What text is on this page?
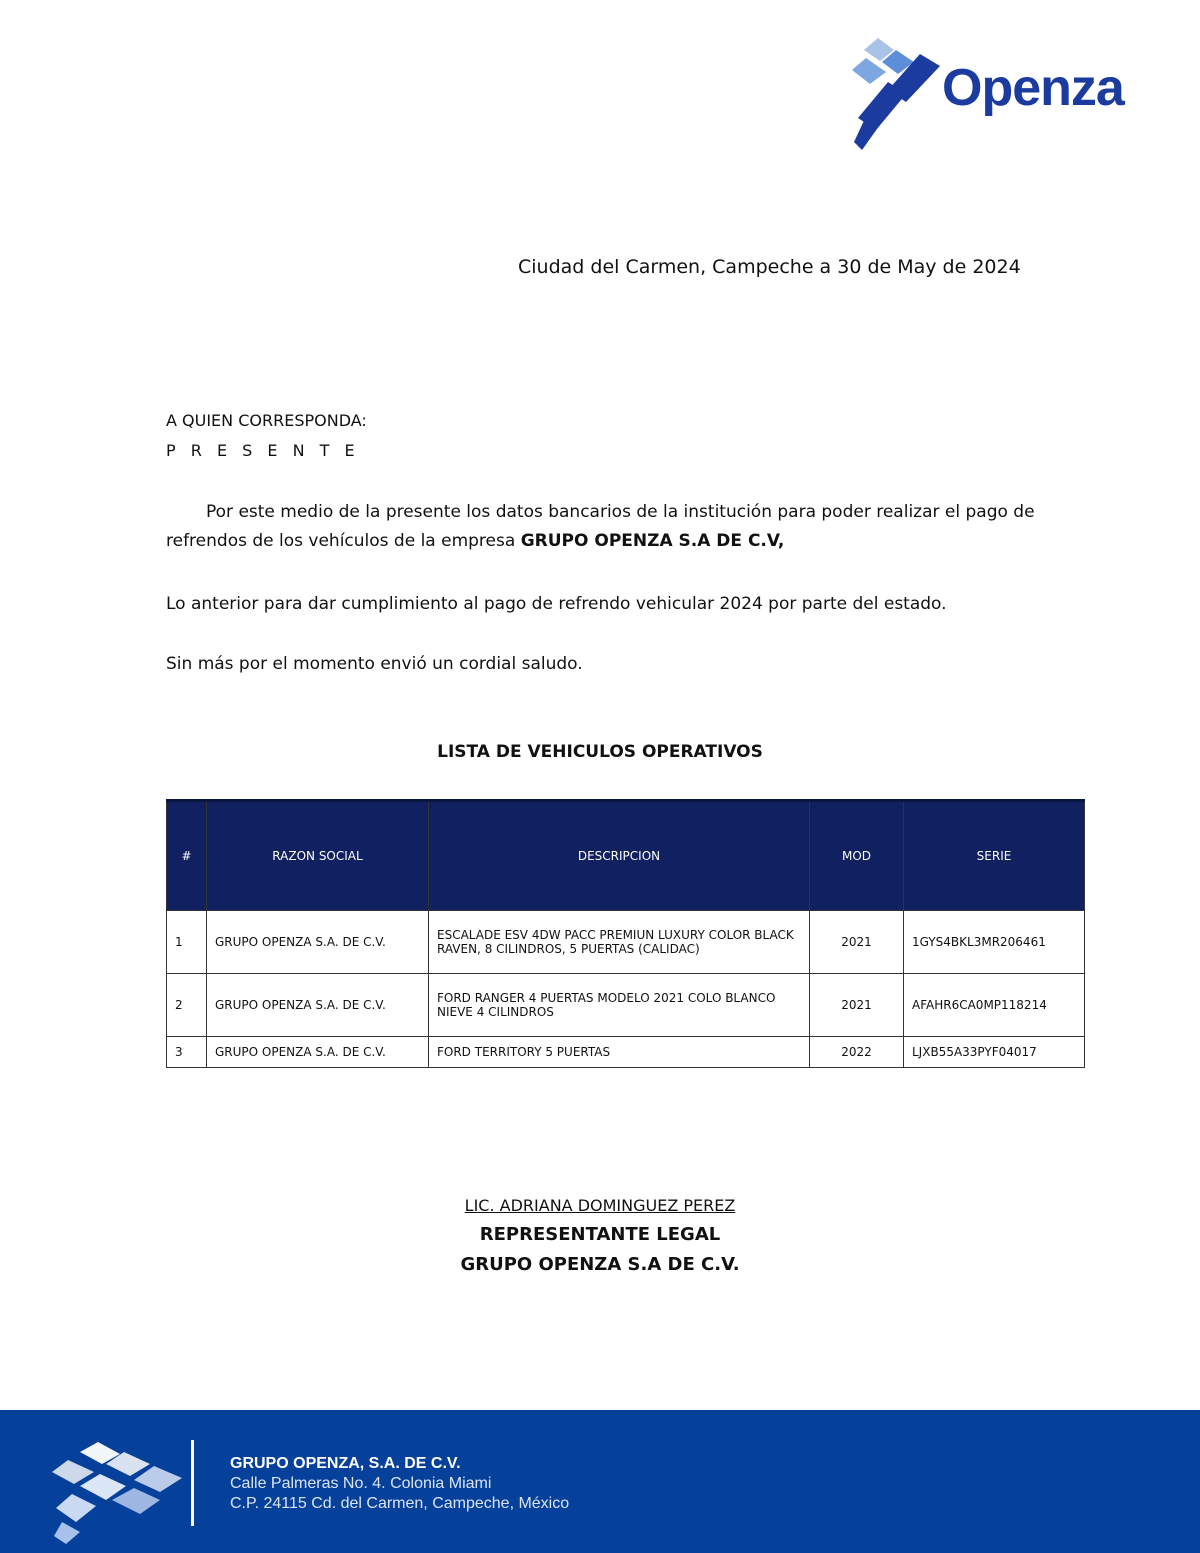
Openza
Ciudad del Carmen, Campeche a 30 de May de 2024
A QUIEN CORRESPONDA:
P R E S E N T E
Por este medio de la presente los datos bancarios de la institución para poder realizar el pago de refrendos de los vehículos de la empresa GRUPO OPENZA S.A DE C.V,
Lo anterior para dar cumplimiento al pago de refrendo vehicular 2024 por parte del estado.
Sin más por el momento envió un cordial saludo.
LISTA DE VEHICULOS OPERATIVOS
#	RAZON SOCIAL	DESCRIPCION	MOD	SERIE
1	GRUPO OPENZA S.A. DE C.V.	ESCALADE ESV 4DW PACC PREMIUN LUXURY COLOR BLACK RAVEN, 8 CILINDROS, 5 PUERTAS (CALIDAC)	2021	1GYS4BKL3MR206461
2	GRUPO OPENZA S.A. DE C.V.	FORD RANGER 4 PUERTAS MODELO 2021 COLO BLANCO NIEVE 4 CILINDROS	2021	AFAHR6CA0MP118214
3	GRUPO OPENZA S.A. DE C.V.	FORD TERRITORY 5 PUERTAS	2022	LJXB55A33PYF04017
LIC. ADRIANA DOMINGUEZ PEREZ
REPRESENTANTE LEGAL
GRUPO OPENZA S.A DE C.V.
GRUPO OPENZA, S.A. DE C.V.
Calle Palmeras No. 4. Colonia Miami
C.P. 24115 Cd. del Carmen, Campeche, México
